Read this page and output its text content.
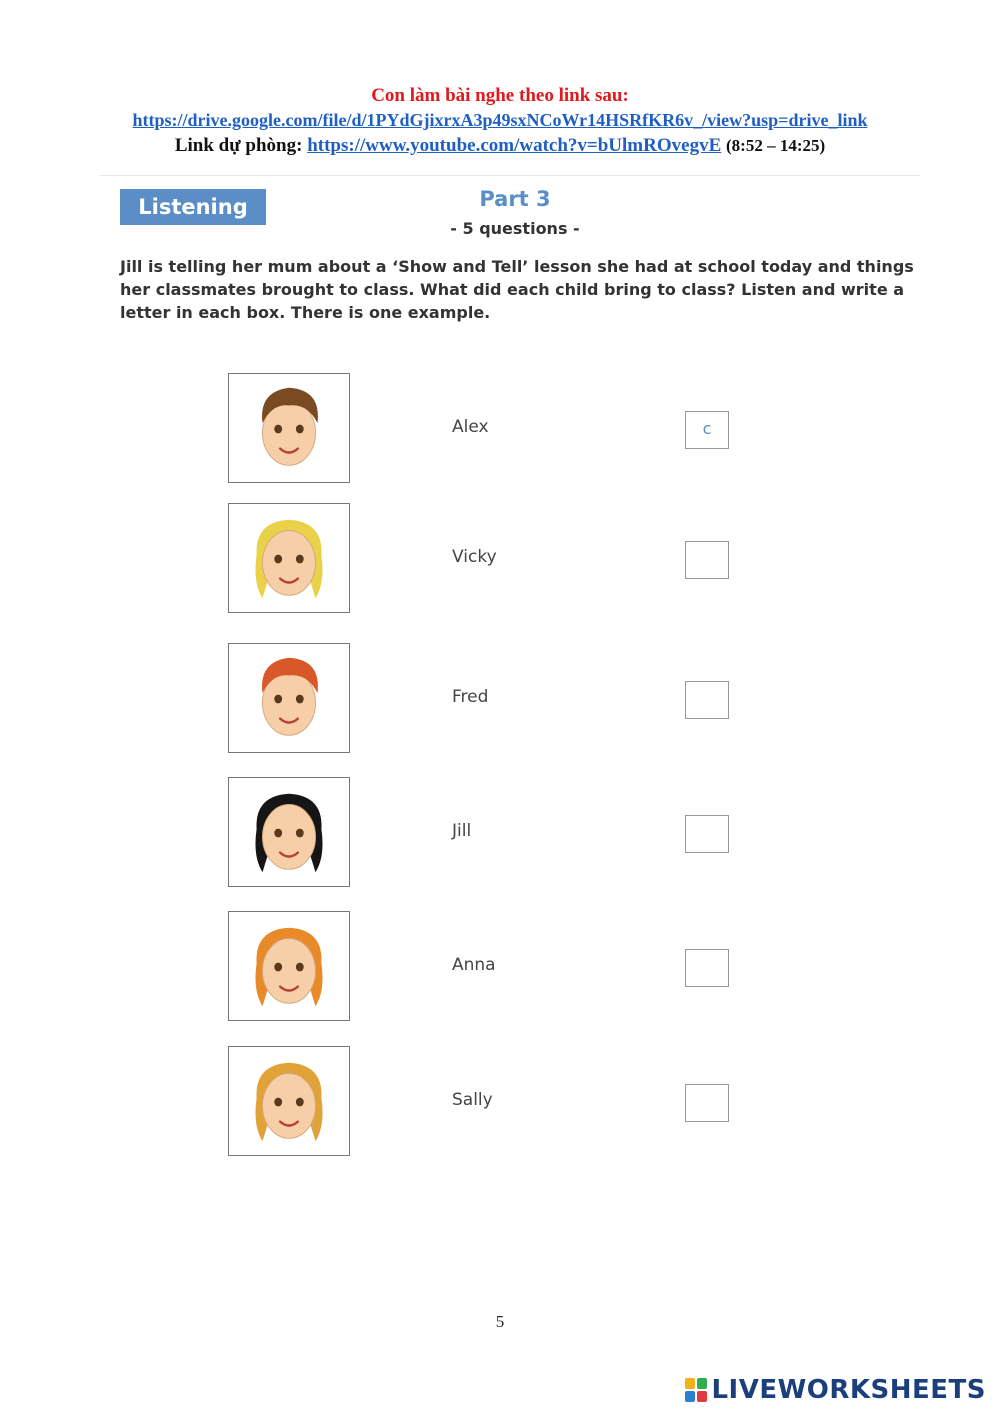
Con làm bài nghe theo link sau:
https://drive.google.com/file/d/1PYdGjixrxA3p49sxNCoWr14HSRfKR6v_/view?usp=drive_link
Link dự phòng: https://www.youtube.com/watch?v=bUlmROvegvE (8:52 – 14:25)
Listening	Part 3
- 5 questions -
Jill is telling her mum about a ‘Show and Tell’ lesson she had at school today and things her classmates brought to class. What did each child bring to class? Listen and write a letter in each box. There is one example.
Alex	c
Vicky
Fred
Jill
Anna
Sally
5
LIVEWORKSHEETS
